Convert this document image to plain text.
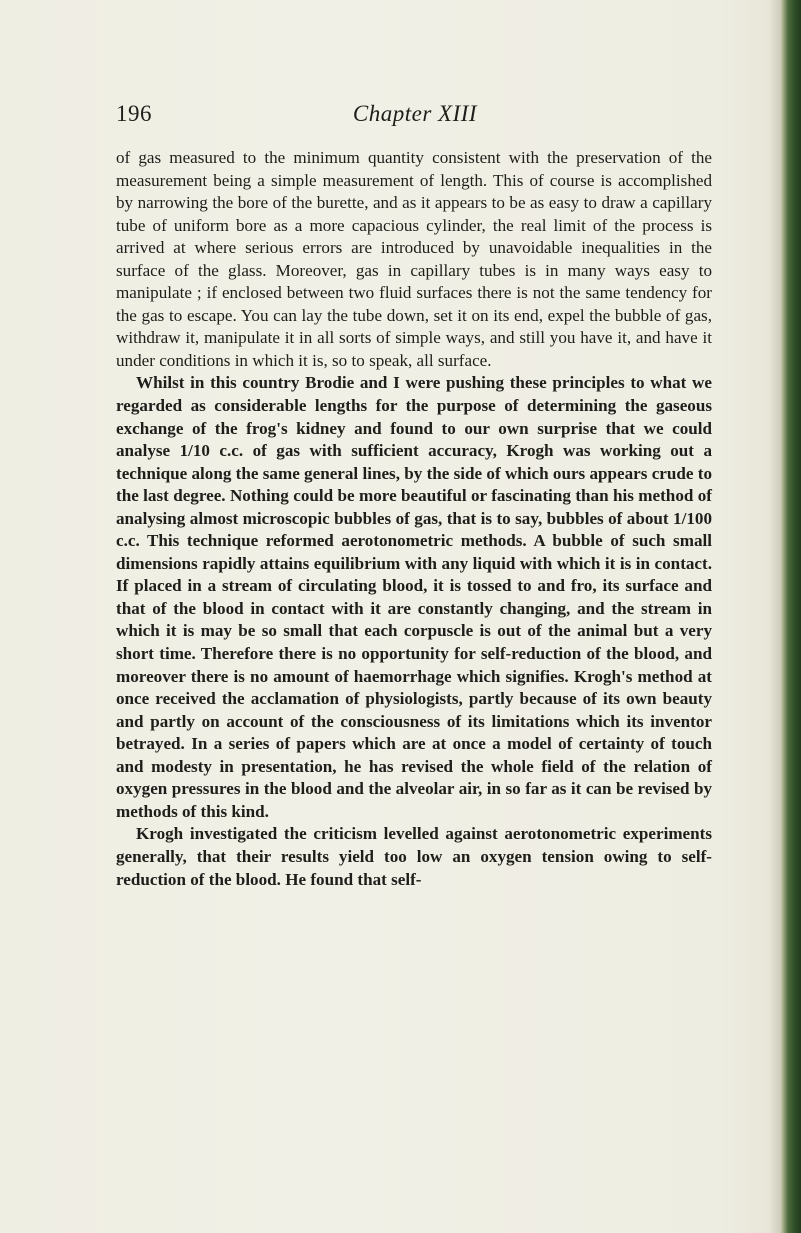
196	Chapter XIII

of gas measured to the minimum quantity consistent with the preservation of the measurement being a simple measurement of length. This of course is accomplished by narrowing the bore of the burette, and as it appears to be as easy to draw a capillary tube of uniform bore as a more capacious cylinder, the real limit of the process is arrived at where serious errors are introduced by unavoidable inequalities in the surface of the glass. Moreover, gas in capillary tubes is in many ways easy to manipulate ; if enclosed between two fluid surfaces there is not the same tendency for the gas to escape. You can lay the tube down, set it on its end, expel the bubble of gas, withdraw it, manipulate it in all sorts of simple ways, and still you have it, and have it under conditions in which it is, so to speak, all surface.

Whilst in this country Brodie and I were pushing these principles to what we regarded as considerable lengths for the purpose of determining the gaseous exchange of the frog's kidney and found to our own surprise that we could analyse 1/10 c.c. of gas with sufficient accuracy, Krogh was working out a technique along the same general lines, by the side of which ours appears crude to the last degree. Nothing could be more beautiful or fascinating than his method of analysing almost microscopic bubbles of gas, that is to say, bubbles of about 1/100 c.c. This technique reformed aerotonometric methods. A bubble of such small dimensions rapidly attains equilibrium with any liquid with which it is in contact. If placed in a stream of circulating blood, it is tossed to and fro, its surface and that of the blood in contact with it are constantly changing, and the stream in which it is may be so small that each corpuscle is out of the animal but a very short time. Therefore there is no opportunity for self-reduction of the blood, and moreover there is no amount of haemorrhage which signifies. Krogh's method at once received the acclamation of physiologists, partly because of its own beauty and partly on account of the consciousness of its limitations which its inventor betrayed. In a series of papers which are at once a model of certainty of touch and modesty in presentation, he has revised the whole field of the relation of oxygen pressures in the blood and the alveolar air, in so far as it can be revised by methods of this kind.

Krogh investigated the criticism levelled against aerotonometric experiments generally, that their results yield too low an oxygen tension owing to self-reduction of the blood. He found that self-
